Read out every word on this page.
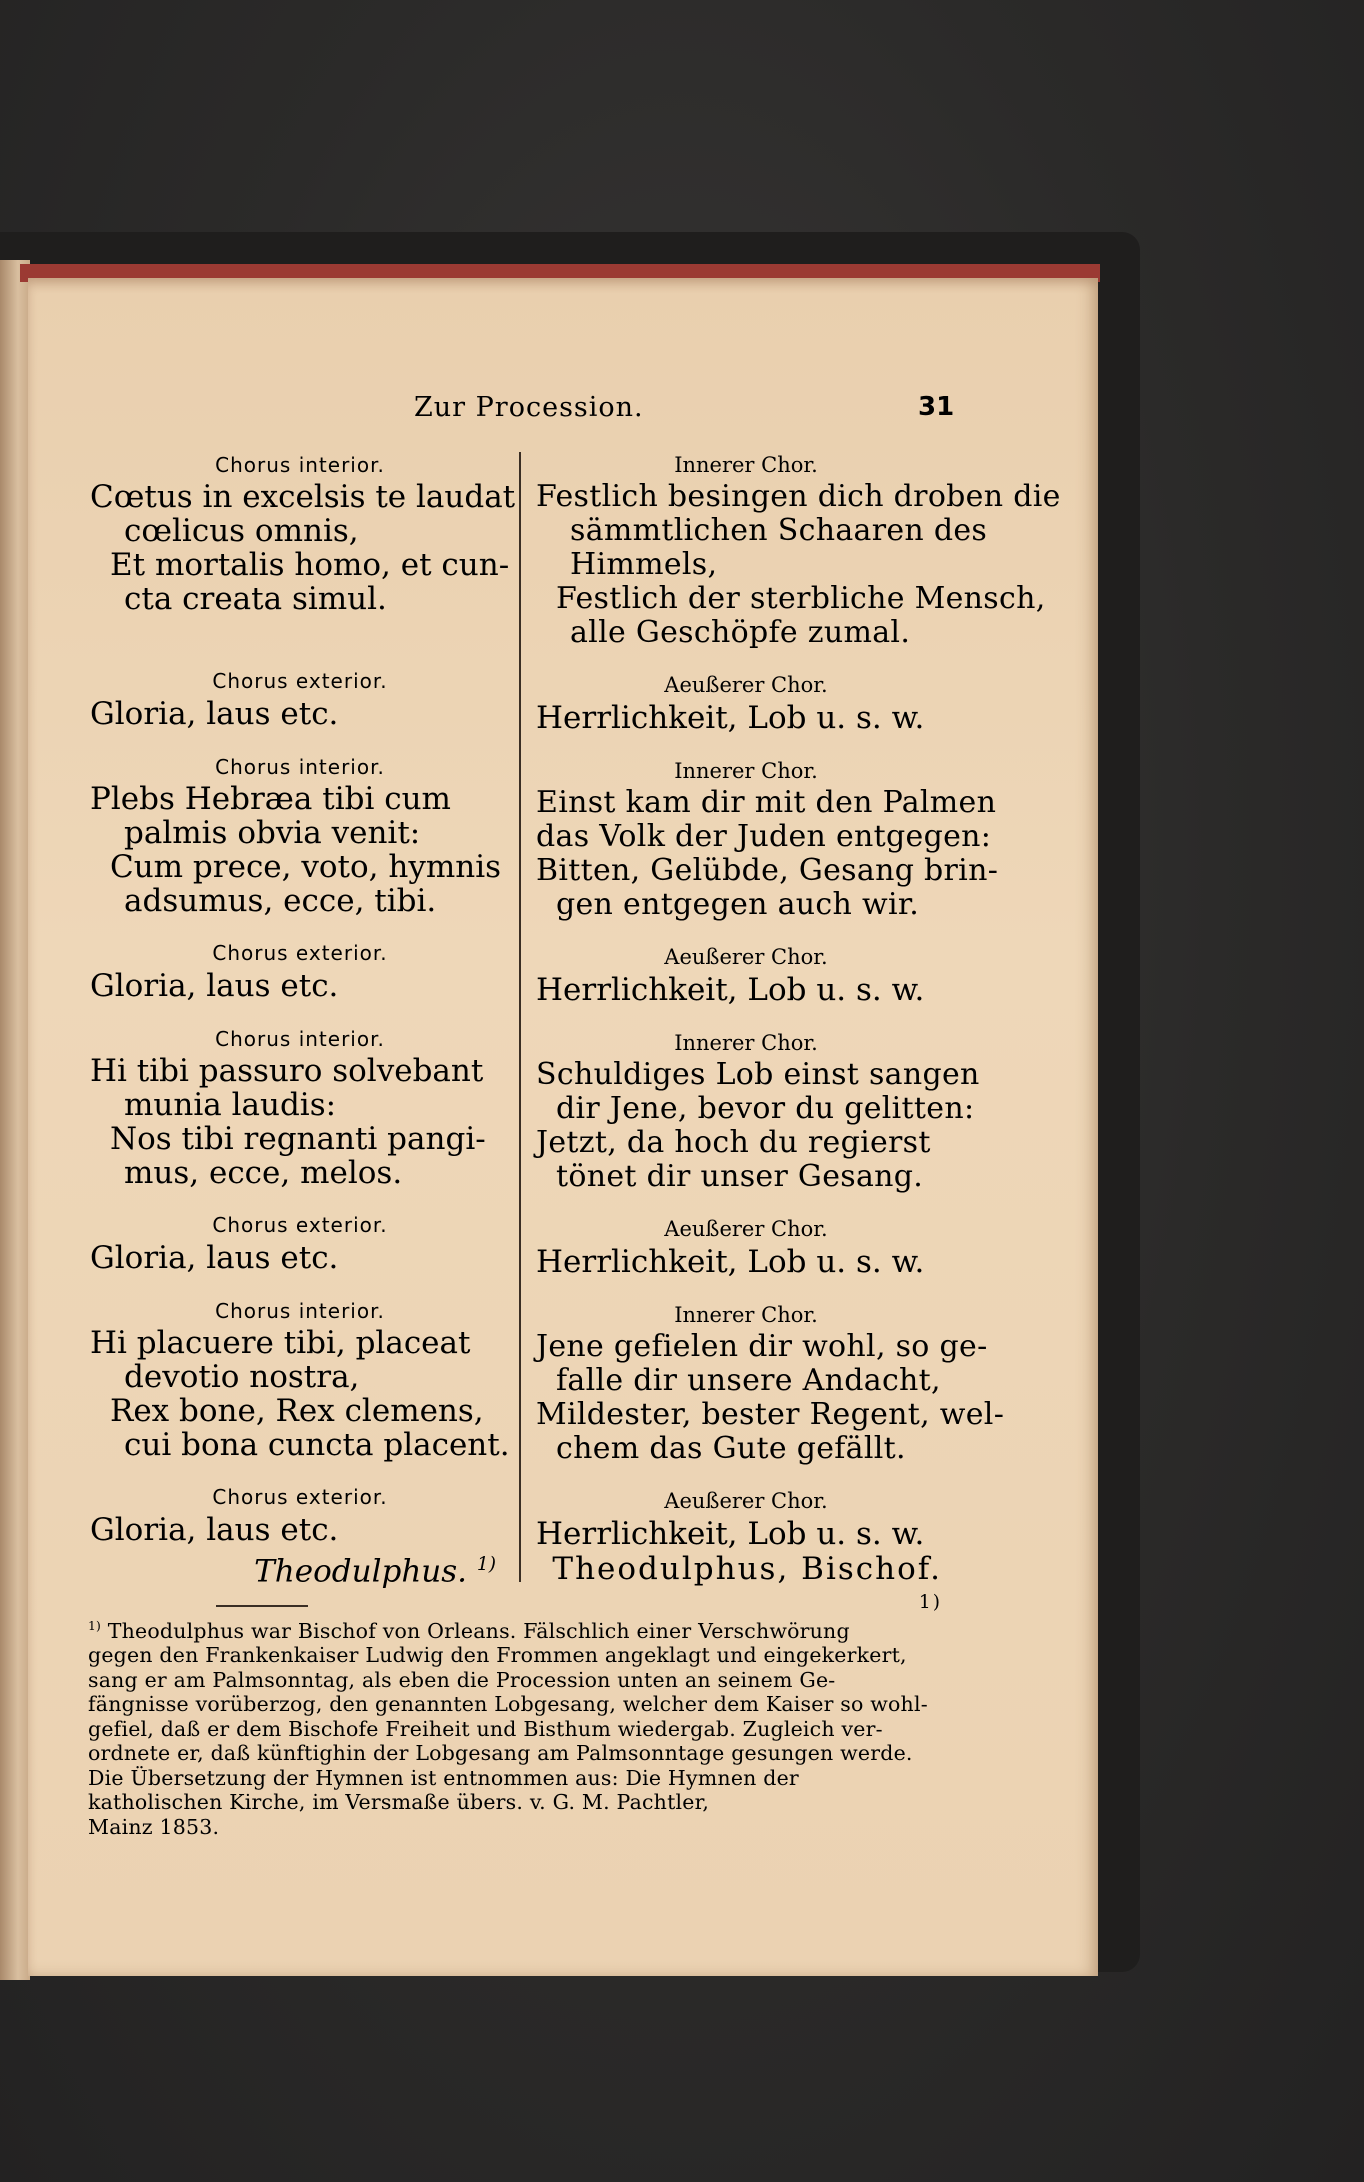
Zur Procession.	31

Chorus interior.

Cœtus in excelsis te laudat
cœlicus omnis,
Et mortalis homo, et cun-
cta creata simul.

Chorus exterior.

Gloria, laus etc.

Chorus interior.

Plebs Hebræa tibi cum
palmis obvia venit:
Cum prece, voto, hymnis
adsumus, ecce, tibi.

Chorus exterior.

Gloria, laus etc.

Chorus interior.

Hi tibi passuro solvebant
munia laudis:
Nos tibi regnanti pangi-
mus, ecce, melos.

Chorus exterior.

Gloria, laus etc.

Chorus interior.

Hi placuere tibi, placeat
devotio nostra,
Rex bone, Rex clemens,
cui bona cuncta placent.

Chorus exterior.

Gloria, laus etc.

Theodulphus. $^{1)}$

Innerer Chor.

Festlich besingen dich droben die
sämmtlichen Schaaren des
Himmels,
Festlich der sterbliche Mensch,
alle Geschöpfe zumal.

Aeußerer Chor.

Herrlichkeit, Lob u. s. w.

Innerer Chor.

Einst kam dir mit den Palmen
das Volk der Juden entgegen:
Bitten, Gelübde, Gesang brin-
gen entgegen auch wir.

Aeußerer Chor.

Herrlichkeit, Lob u. s. w.

Innerer Chor.

Schuldiges Lob einst sangen
dir Jene, bevor du gelitten:
Jetzt, da hoch du regierst
tönet dir unser Gesang.

Aeußerer Chor.

Herrlichkeit, Lob u. s. w.

Innerer Chor.

Jene gefielen dir wohl, so ge-
falle dir unsere Andacht,
Mildester, bester Regent, wel-
chem das Gute gefällt.

Aeußerer Chor.

Herrlichkeit, Lob u. s. w.

Theodulphus, Bischof. $^{1)}$
$^{1)}$ Theodulphus war Bischof von Orleans. Fälschlich einer Verschwörung
gegen den Frankenkaiser Ludwig den Frommen angeklagt und eingekerkert,
sang er am Palmsonntag, als eben die Procession unten an seinem Ge-
fängnisse vorüberzog, den genannten Lobgesang, welcher dem Kaiser so wohl-
gefiel, daß er dem Bischofe Freiheit und Bisthum wiedergab. Zugleich ver-
ordnete er, daß künftighin der Lobgesang am Palmsonntage gesungen werde.
Die Übersetzung der Hymnen ist entnommen aus: Die Hymnen der
katholischen Kirche, im Versmaße übers. v. G. M. Pachtler,
Mainz 1853.
